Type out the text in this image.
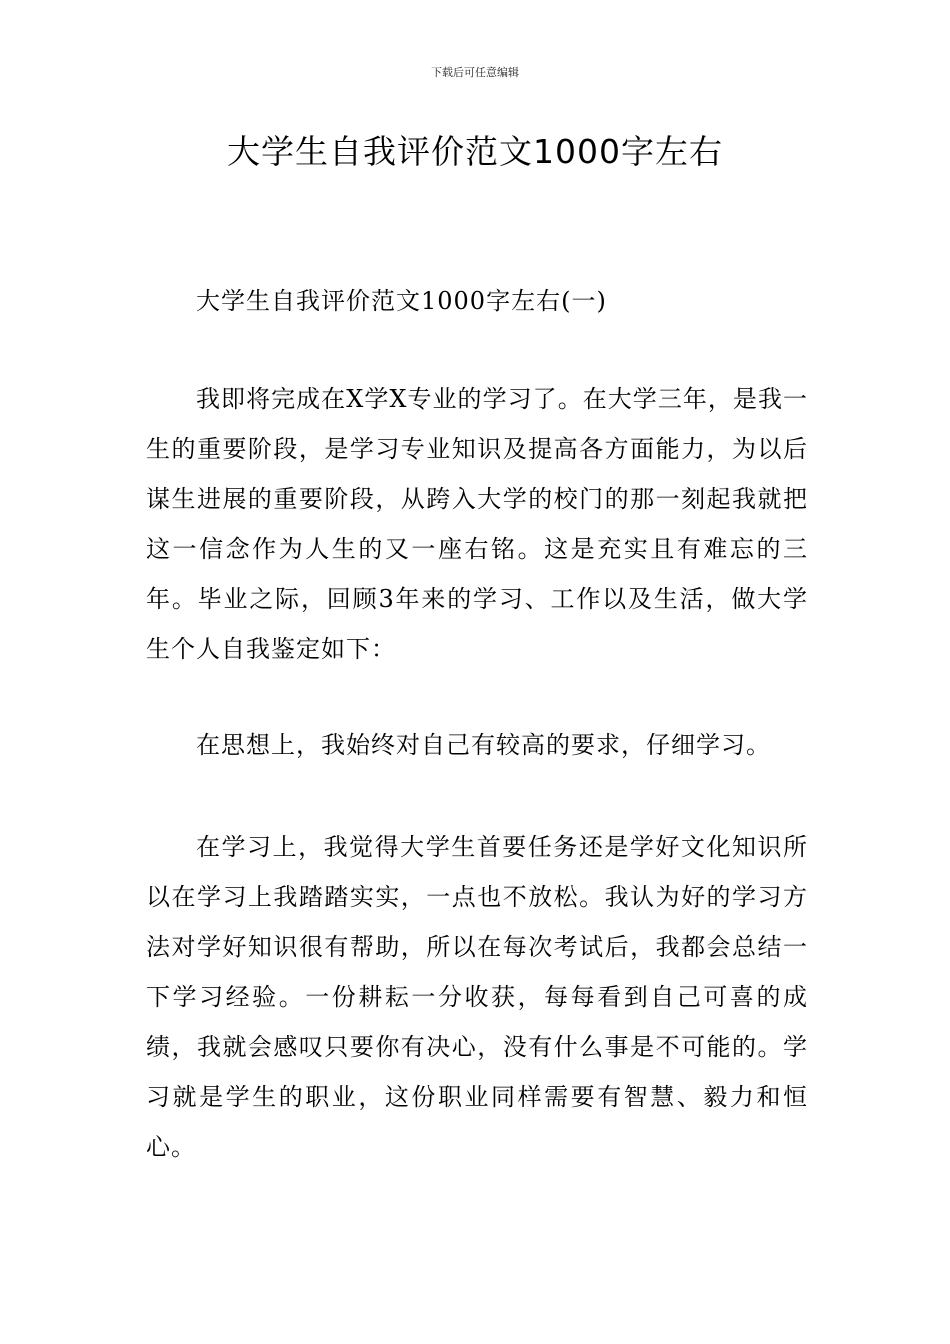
下载后可任意编辑
大学生自我评价范文1000字左右

大学生自我评价范文1000字左右(一)

我即将完成在X学X专业的学习了。在大学三年，是我一生的重要阶段，是学习专业知识及提高各方面能力，为以后谋生进展的重要阶段，从跨入大学的校门的那一刻起我就把这一信念作为人生的又一座右铭。这是充实且有难忘的三年。毕业之际，回顾3年来的学习、工作以及生活，做大学生个人自我鉴定如下：

在思想上，我始终对自己有较高的要求，仔细学习。

在学习上，我觉得大学生首要任务还是学好文化知识所以在学习上我踏踏实实，一点也不放松。我认为好的学习方法对学好知识很有帮助，所以在每次考试后，我都会总结一下学习经验。一份耕耘一分收获，每每看到自己可喜的成绩，我就会感叹只要你有决心，没有什么事是不可能的。学习就是学生的职业，这份职业同样需要有智慧、毅力和恒心。
